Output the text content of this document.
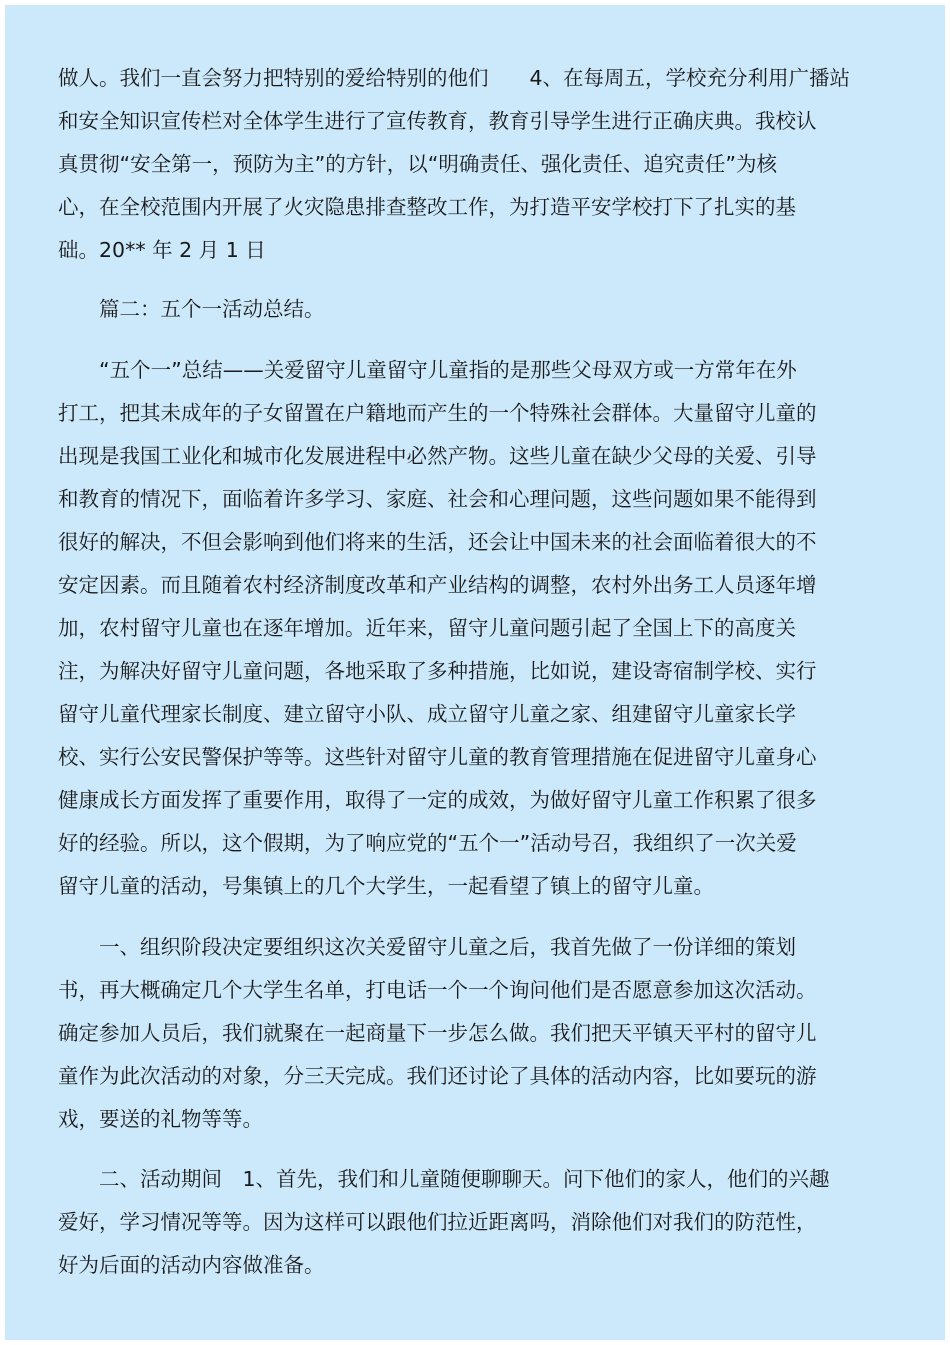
做人。我们一直会努力把特别的爱给特别的他们　　4、在每周五，学校充分利用广播站
和安全知识宣传栏对全体学生进行了宣传教育，教育引导学生进行正确庆典。我校认
真贯彻“安全第一，预防为主”的方针，以“明确责任、强化责任、追究责任”为核
心，在全校范围内开展了火灾隐患排查整改工作，为打造平安学校打下了扎实的基
础。20** 年 2 月 1 日
　　篇二：五个一活动总结。
　　“五个一”总结——关爱留守儿童留守儿童指的是那些父母双方或一方常年在外
打工，把其未成年的子女留置在户籍地而产生的一个特殊社会群体。大量留守儿童的
出现是我国工业化和城市化发展进程中必然产物。这些儿童在缺少父母的关爱、引导
和教育的情况下，面临着许多学习、家庭、社会和心理问题，这些问题如果不能得到
很好的解决，不但会影响到他们将来的生活，还会让中国未来的社会面临着很大的不
安定因素。而且随着农村经济制度改革和产业结构的调整，农村外出务工人员逐年增
加，农村留守儿童也在逐年增加。近年来，留守儿童问题引起了全国上下的高度关
注，为解决好留守儿童问题，各地采取了多种措施，比如说，建设寄宿制学校、实行
留守儿童代理家长制度、建立留守小队、成立留守儿童之家、组建留守儿童家长学
校、实行公安民警保护等等。这些针对留守儿童的教育管理措施在促进留守儿童身心
健康成长方面发挥了重要作用，取得了一定的成效，为做好留守儿童工作积累了很多
好的经验。所以，这个假期，为了响应党的“五个一”活动号召，我组织了一次关爱
留守儿童的活动，号集镇上的几个大学生，一起看望了镇上的留守儿童。
　　一、组织阶段决定要组织这次关爱留守儿童之后，我首先做了一份详细的策划
书，再大概确定几个大学生名单，打电话一个一个询问他们是否愿意参加这次活动。
确定参加人员后，我们就聚在一起商量下一步怎么做。我们把天平镇天平村的留守儿
童作为此次活动的对象，分三天完成。我们还讨论了具体的活动内容，比如要玩的游
戏，要送的礼物等等。
　　二、活动期间　1、首先，我们和儿童随便聊聊天。问下他们的家人，他们的兴趣
爱好，学习情况等等。因为这样可以跟他们拉近距离吗，消除他们对我们的防范性，
好为后面的活动内容做准备。
